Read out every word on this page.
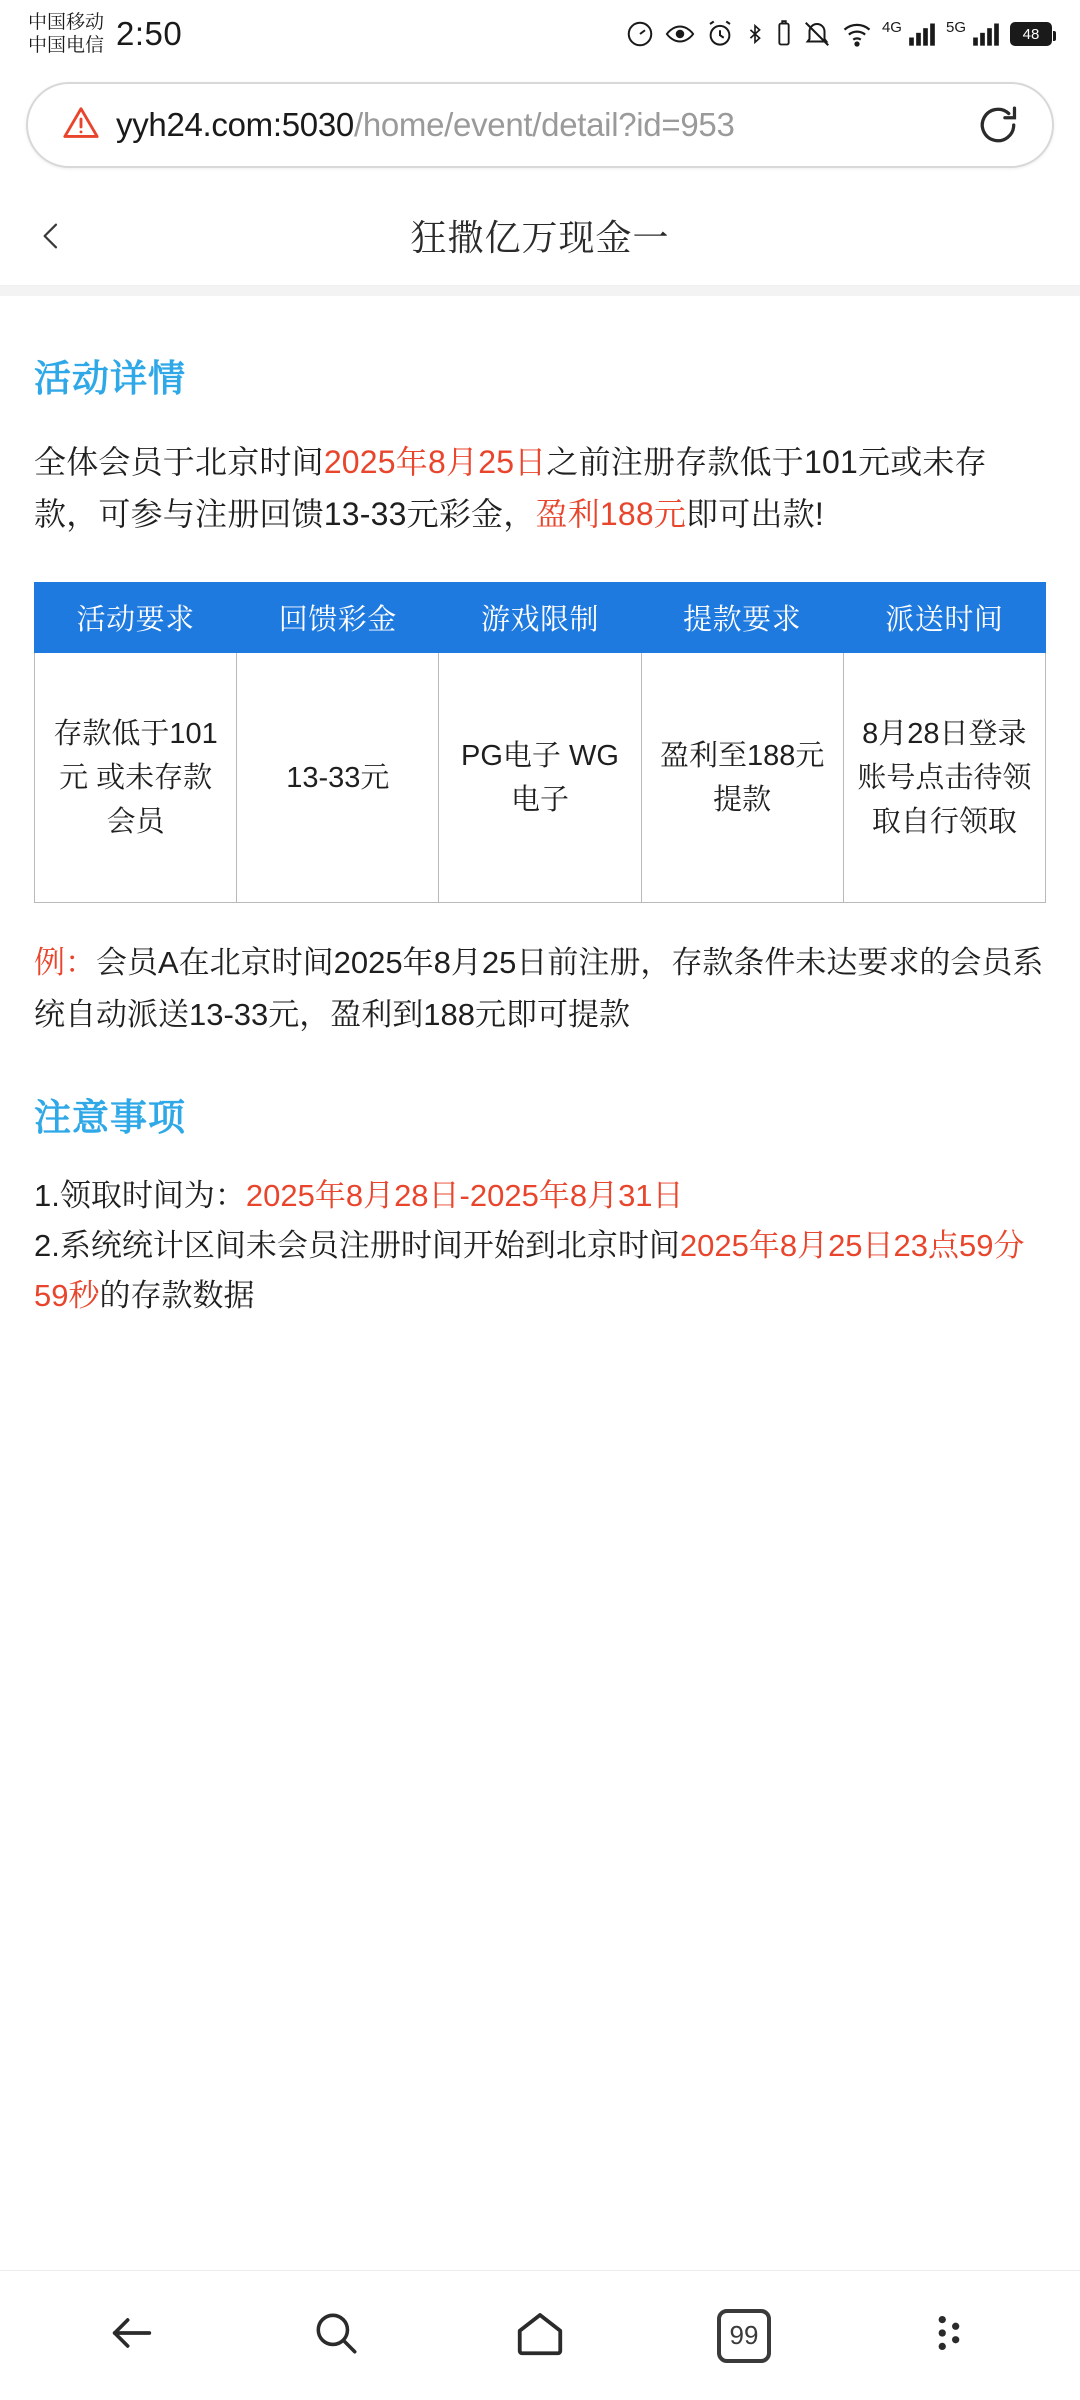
中国移动
中国电信 2:50	4G	5G	48
yyh24.com:5030/home/event/detail?id=953
狂撒亿万现金一
活动详情

全体会员于北京时间2025年8月25日之前注册存款低于101元或未存款，可参与注册回馈13-33元彩金，盈利188元即可出款!

活动要求	回馈彩金	游戏限制	提款要求	派送时间
存款低于101元 或未存款会员	13-33元	PG电子 WG电子	盈利至188元提款	8月28日登录账号点击待领取自行领取

例：会员A在北京时间2025年8月25日前注册，存款条件未达要求的会员系统自动派送13-33元，盈利到188元即可提款

注意事项

1.领取时间为：2025年8月28日-2025年8月31日

2.系统统计区间未会员注册时间开始到北京时间2025年8月25日23点59分59秒的存款数据

99
